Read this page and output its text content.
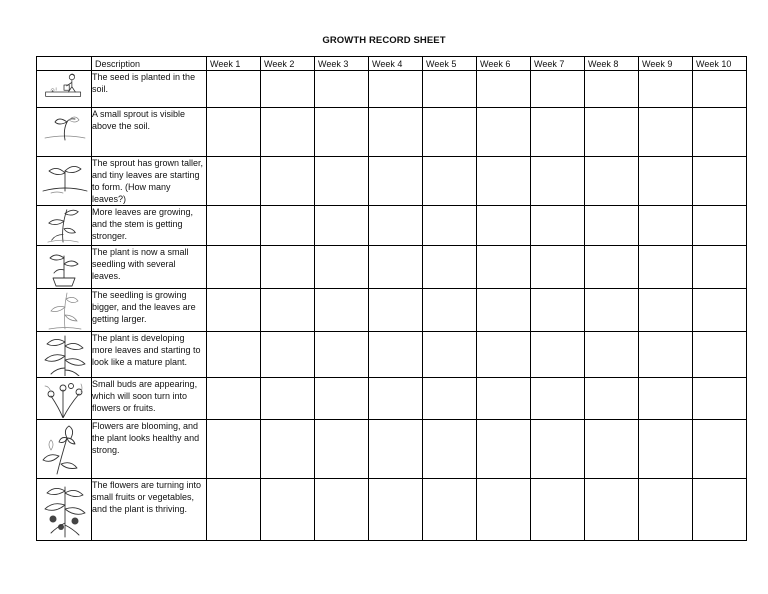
GROWTH RECORD SHEET
	Description	Week 1	Week 2	Week 3	Week 4	Week 5	Week 6	Week 7	Week 8	Week 9	Week 10

	The seed is planted in the soil.										

	A small sprout is visible above the soil.										

	The sprout has grown taller, and tiny leaves are starting to form. (How many leaves?)										

	More leaves are growing, and the stem is getting stronger.										

	The plant is now a small seedling with several leaves.										

	The seedling is growing bigger, and the leaves are getting larger.										

	The plant is developing more leaves and starting to look like a mature plant.										

	Small buds are appearing, which will soon turn into flowers or fruits.										

	Flowers are blooming, and the plant looks healthy and strong.										

	The flowers are turning into small fruits or vegetables, and the plant is thriving.										
